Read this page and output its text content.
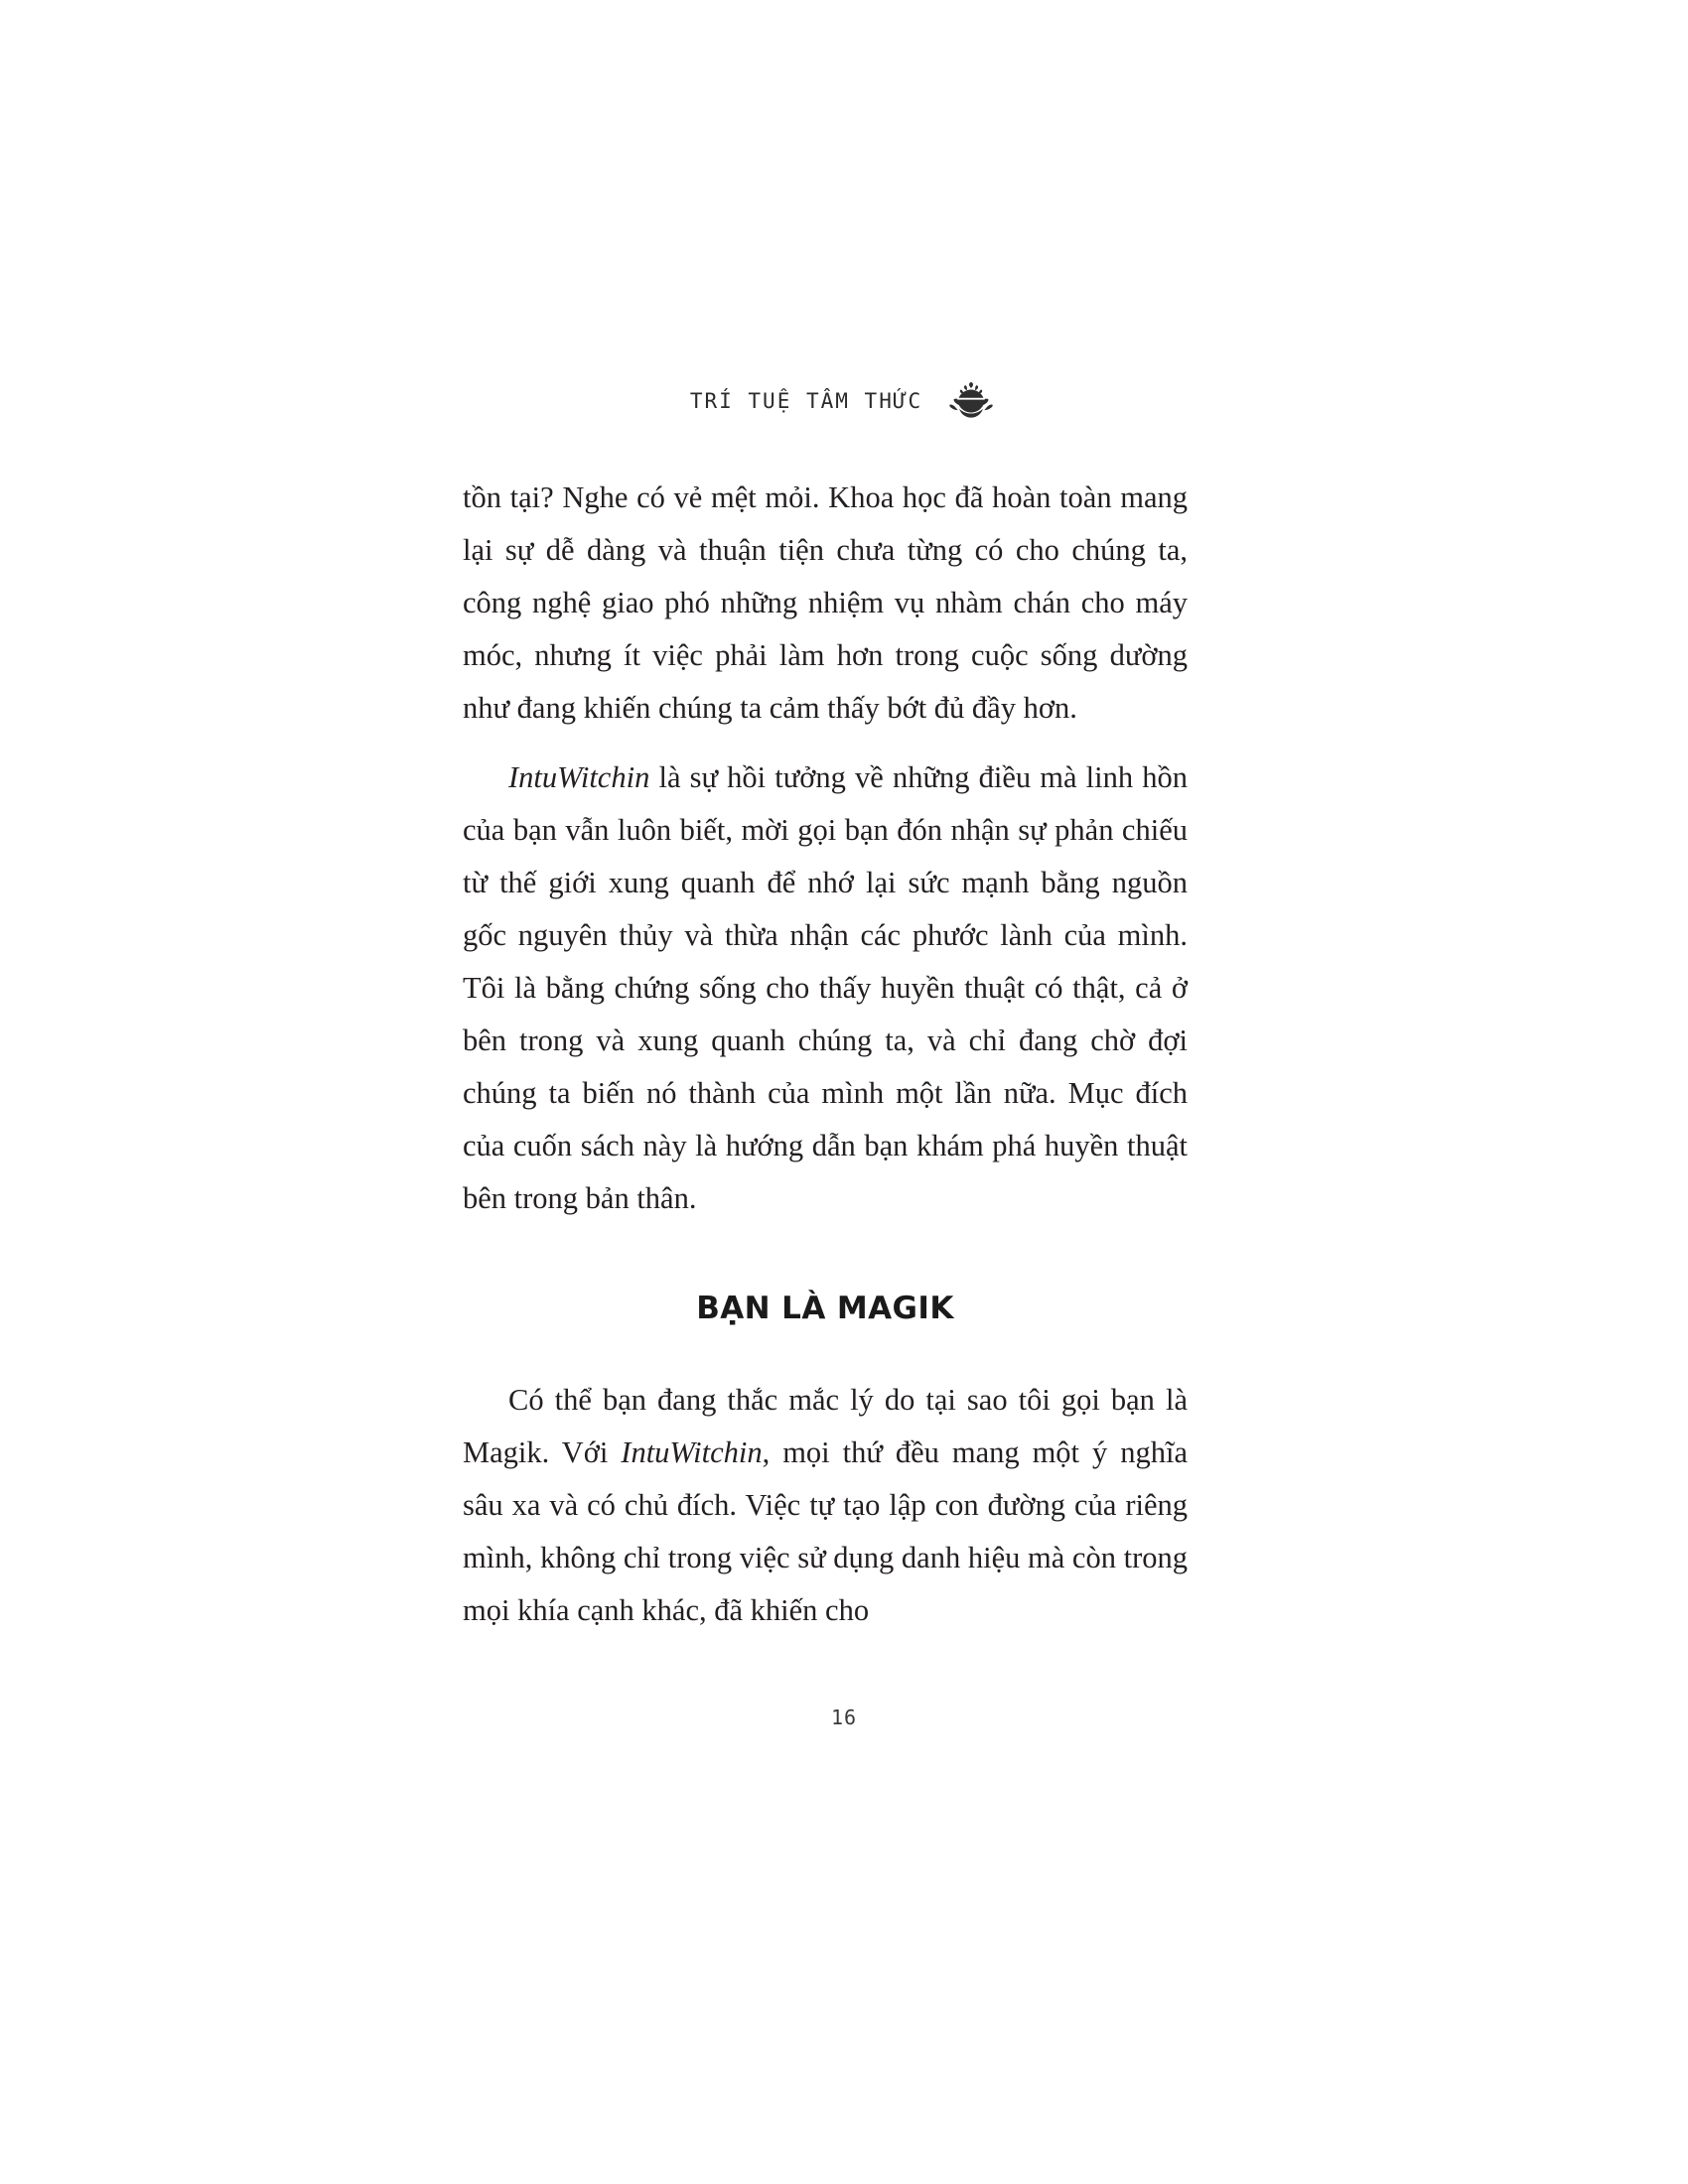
TRÍ TUỆ TÂM THỨC

tồn tại? Nghe có vẻ mệt mỏi. Khoa học đã hoàn toàn mang lại sự dễ dàng và thuận tiện chưa từng có cho chúng ta, công nghệ giao phó những nhiệm vụ nhàm chán cho máy móc, nhưng ít việc phải làm hơn trong cuộc sống dường như đang khiến chúng ta cảm thấy bớt đủ đầy hơn.

IntuWitchin là sự hồi tưởng về những điều mà linh hồn của bạn vẫn luôn biết, mời gọi bạn đón nhận sự phản chiếu từ thế giới xung quanh để nhớ lại sức mạnh bằng nguồn gốc nguyên thủy và thừa nhận các phước lành của mình. Tôi là bằng chứng sống cho thấy huyền thuật có thật, cả ở bên trong và xung quanh chúng ta, và chỉ đang chờ đợi chúng ta biến nó thành của mình một lần nữa. Mục đích của cuốn sách này là hướng dẫn bạn khám phá huyền thuật bên trong bản thân.

BẠN LÀ MAGIK

Có thể bạn đang thắc mắc lý do tại sao tôi gọi bạn là Magik. Với IntuWitchin, mọi thứ đều mang một ý nghĩa sâu xa và có chủ đích. Việc tự tạo lập con đường của riêng mình, không chỉ trong việc sử dụng danh hiệu mà còn trong mọi khía cạnh khác, đã khiến cho

16
